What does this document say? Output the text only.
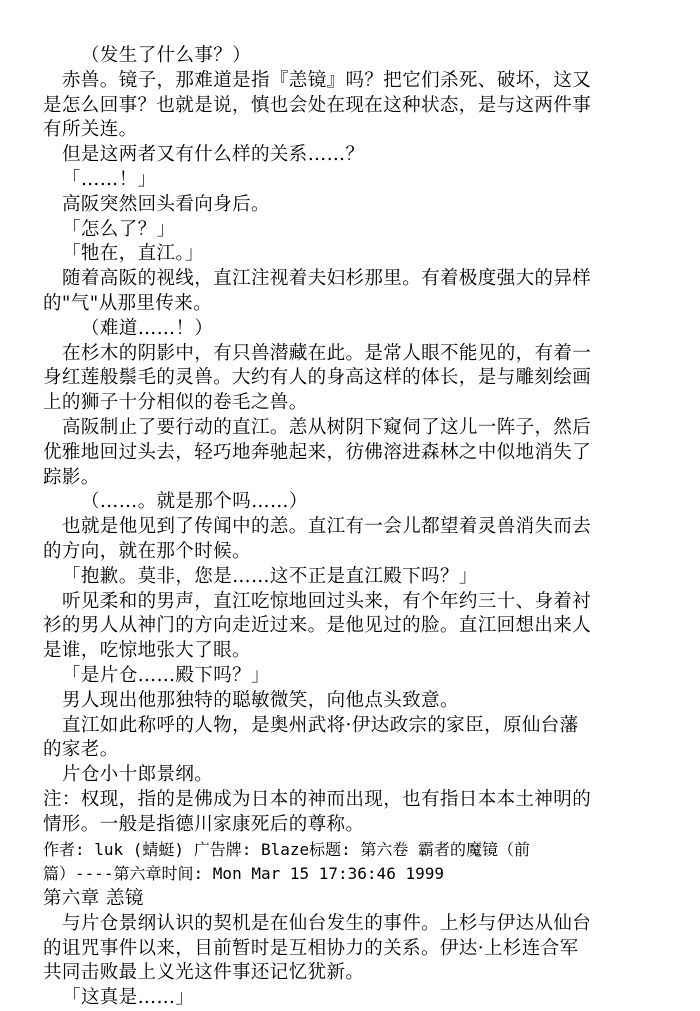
（发生了什么事？）
赤兽。镜子，那难道是指『恙镜』吗？把它们杀死、破坏，这又
是怎么回事？也就是说，慎也会处在现在这种状态，是与这两件事
有所关连。
但是这两者又有什么样的关系……？
「……！」
高阪突然回头看向身后。
「怎么了？」
「牠在，直江。」
随着高阪的视线，直江注视着夫妇杉那里。有着极度强大的异样
的"气"从那里传来。
（难道……！）
在杉木的阴影中，有只兽潜藏在此。是常人眼不能见的，有着一
身红莲般鬃毛的灵兽。大约有人的身高这样的体长，是与雕刻绘画
上的狮子十分相似的卷毛之兽。
高阪制止了要行动的直江。恙从树阴下窥伺了这儿一阵子，然后
优雅地回过头去，轻巧地奔驰起来，彷佛溶进森林之中似地消失了
踪影。
（……。就是那个吗……）
也就是他见到了传闻中的恙。直江有一会儿都望着灵兽消失而去
的方向，就在那个时候。
「抱歉。莫非，您是……这不正是直江殿下吗？」
听见柔和的男声，直江吃惊地回过头来，有个年约三十、身着衬
衫的男人从神门的方向走近过来。是他见过的脸。直江回想出来人
是谁，吃惊地张大了眼。
「是片仓……殿下吗？」
男人现出他那独特的聪敏微笑，向他点头致意。
直江如此称呼的人物，是奥州武将·伊达政宗的家臣，原仙台藩
的家老。
片仓小十郎景纲。
注：权现，指的是佛成为日本的神而出现，也有指日本本土神明的
情形。一般是指德川家康死后的尊称。
作者: luk (蜻蜓) 广告牌: Blaze标题: 第六卷 霸者的魔镜（前
篇）----第六章时间: Mon Mar 15 17:36:46 1999
第六章 恙镜
与片仓景纲认识的契机是在仙台发生的事件。上杉与伊达从仙台
的诅咒事件以来，目前暂时是互相协力的关系。伊达·上杉连合军
共同击败最上义光这件事还记忆犹新。
「这真是……」
